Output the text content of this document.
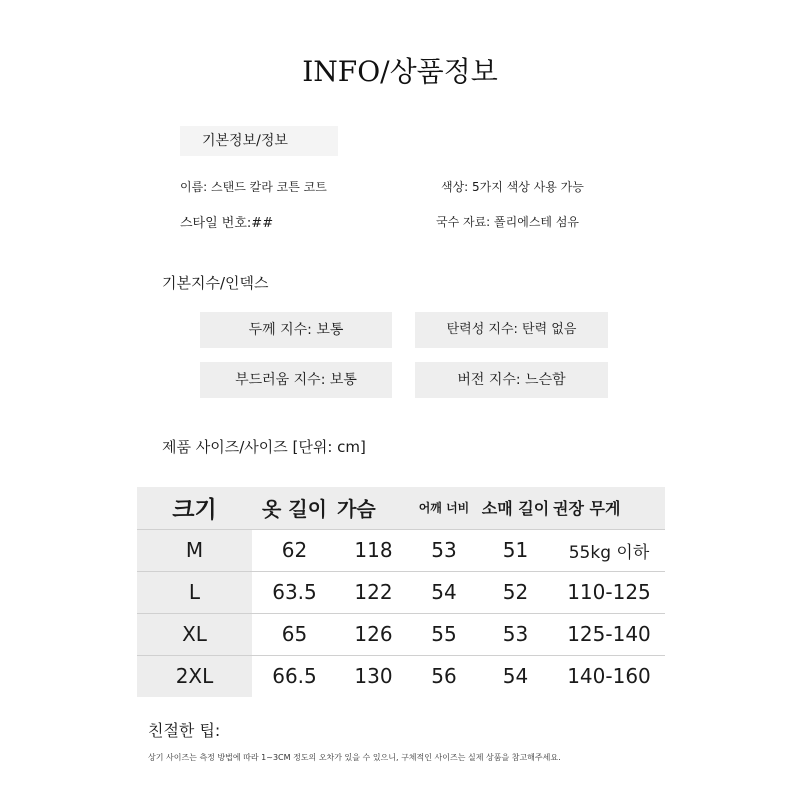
INFO/상품정보
기본정보/정보
이름: 스탠드 칼라 코튼 코트	색상: 5가지 색상 사용 가능
스타일 번호:##	국수 자료: 폴리에스테 섬유
기본지수/인덱스
두께 지수: 보통	탄력성 지수: 탄력 없음
부드러움 지수: 보통	버전 지수: 느슨함
제품 사이즈/사이즈 [단위: cm]
크기	옷 길이	가슴	어깨 너비	소매 길이	권장 무게
M	62	118	53	51	55kg 이하
L	63.5	122	54	52	110-125
XL	65	126	55	53	125-140
2XL	66.5	130	56	54	140-160
친절한 팁:
상기 사이즈는 측정 방법에 따라 1~3CM 정도의 오차가 있을 수 있으니, 구체적인 사이즈는 실제 상품을 참고해주세요.
